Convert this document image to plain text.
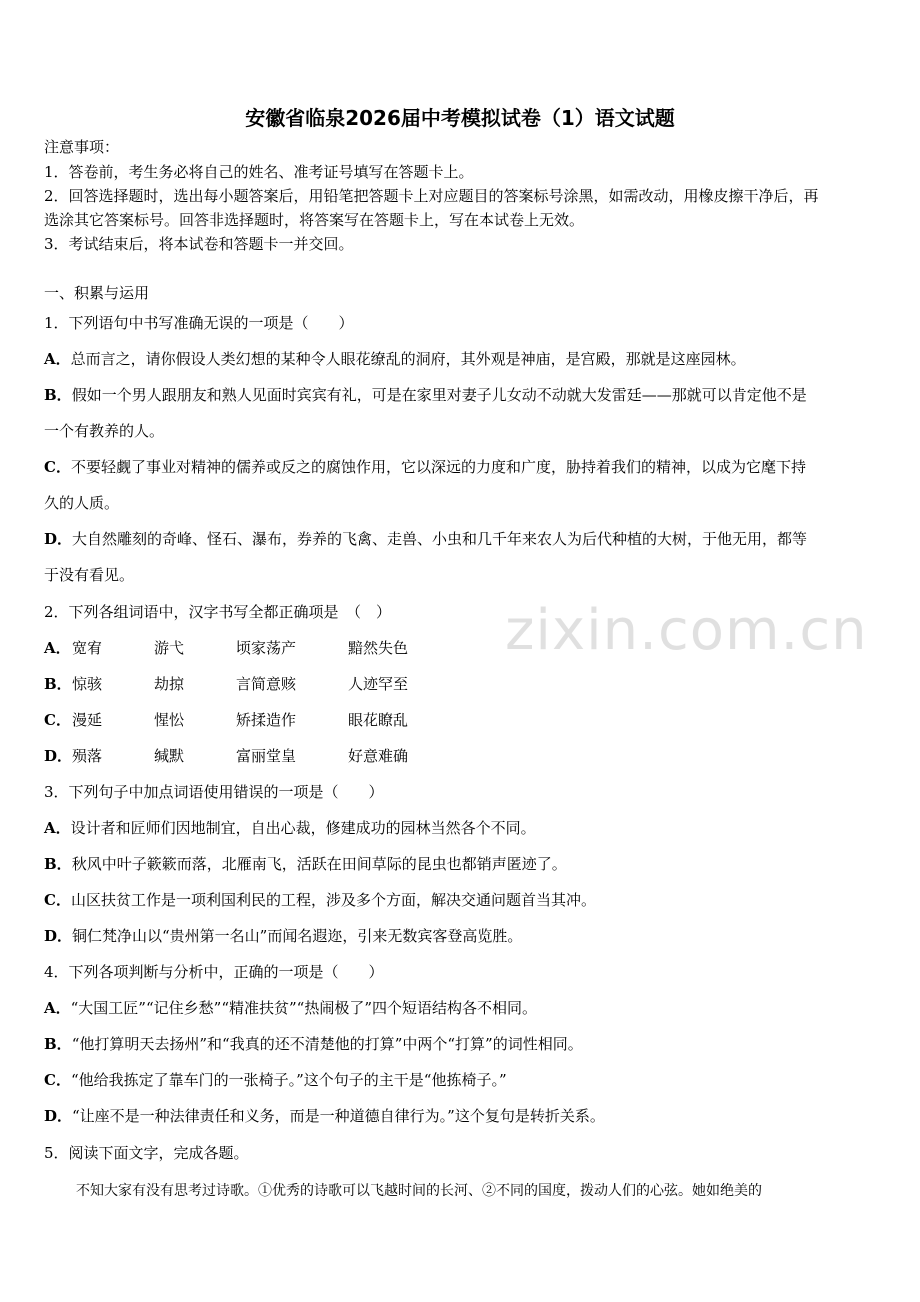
安徽省临泉2026届中考模拟试卷（1）语文试题
注意事项：
1．答卷前，考生务必将自己的姓名、准考证号填写在答题卡上。
2．回答选择题时，选出每小题答案后，用铅笔把答题卡上对应题目的答案标号涂黑，如需改动，用橡皮擦干净后，再
选涂其它答案标号。回答非选择题时，将答案写在答题卡上，写在本试卷上无效。
3．考试结束后，将本试卷和答题卡一并交回。
一、积累与运用
1．下列语句中书写准确无误的一项是（　　）
A．总而言之，请你假设人类幻想的某种令人眼花缭乱的洞府，其外观是神庙，是宫殿，那就是这座园林。
B．假如一个男人跟朋友和熟人见面时宾宾有礼，可是在家里对妻子儿女动不动就大发雷廷——那就可以肯定他不是
一个有教养的人。
C．不要轻觑了事业对精神的儒养或反之的腐蚀作用，它以深远的力度和广度，胁持着我们的精神，以成为它麾下持
久的人质。
D．大自然雕刻的奇峰、怪石、瀑布，券养的飞禽、走兽、小虫和几千年来农人为后代种植的大树，于他无用，都等
于没有看见。
2．下列各组词语中，汉字书写全都正确项是　（　）	zixin.com.cn
A．宽宥	游弋	顷家荡产	黯然失色
B．惊骇	劫掠	言简意赅	人迹罕至
C．漫延	惺忪	矫揉造作	眼花瞭乱
D．殒落	缄默	富丽堂皇	好意难确
3．下列句子中加点词语使用错误的一项是（　　）
A．设计者和匠师们因地制宜，自出心裁，修建成功的园林当然各个不同。
B．秋风中叶子簌簌而落，北雁南飞，活跃在田间草际的昆虫也都销声匿迹了。
C．山区扶贫工作是一项利国利民的工程，涉及多个方面，解决交通问题首当其冲。
D．铜仁梵净山以“贵州第一名山”而闻名遐迩，引来无数宾客登高览胜。
4．下列各项判断与分析中，正确的一项是（　　）
A．“大国工匠”“记住乡愁”“精准扶贫”“热闹极了”四个短语结构各不相同。
B．“他打算明天去扬州”和“我真的还不清楚他的打算”中两个“打算”的词性相同。
C．“他给我拣定了靠车门的一张椅子。”这个句子的主干是“他拣椅子。”
D．“让座不是一种法律责任和义务，而是一种道德自律行为。”这个复句是转折关系。
5．阅读下面文字，完成各题。
不知大家有没有思考过诗歌。①优秀的诗歌可以飞越时间的长河、②不同的国度，拨动人们的心弦。她如绝美的
